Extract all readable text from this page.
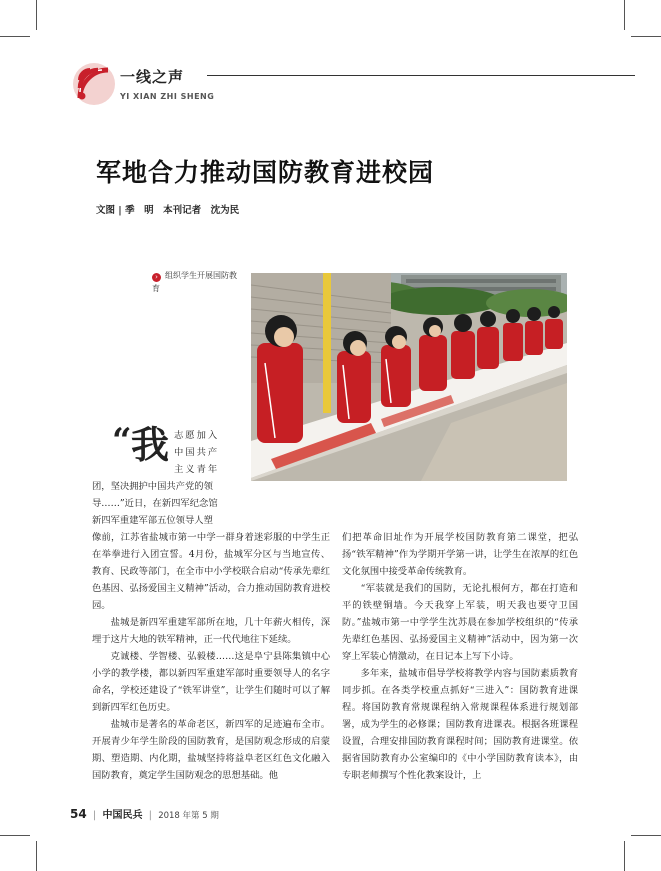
一线之声
YI XIAN ZHI SHENG
军地合力推动国防教育进校园
文图 | 季　明　本刊记者　沈为民
› 组织学生开展国防教育
“ 我 志愿加入
中国共产
主义青年
团，坚决拥护中国共产党的领
导……”近日，在新四军纪念馆
新四军重建军部五位领导人塑

像前，江苏省盐城市第一中学一群身着迷彩服的中学生正在举拳进行入团宣誓。4月份，盐城军分区与当地宣传、教育、民政等部门，在全市中小学校联合启动“传承先辈红色基因、弘扬爱国主义精神”活动，合力推动国防教育进校园。

盐城是新四军重建军部所在地，几十年薪火相传，深埋于这片大地的铁军精神，正一代代地往下延续。

克诚楼、学智楼、弘毅楼……这是阜宁县陈集镇中心小学的教学楼，都以新四军重建军部时重要领导人的名字命名，学校还建设了“铁军讲堂”，让学生们随时可以了解到新四军红色历史。

盐城市是著名的革命老区，新四军的足迹遍布全市。开展青少年学生阶段的国防教育，是国防观念形成的启蒙期、塑造期、内化期，盐城坚持将益阜老区红色文化融入国防教育，奠定学生国防观念的思想基础。他

们把革命旧址作为开展学校国防教育第二课堂，把弘扬“铁军精神”作为学期开学第一讲，让学生在浓厚的红色文化氛围中接受革命传统教育。

“军装就是我们的国防，无论扎根何方，都在打造和平的铁壁铜墙。今天我穿上军装，明天我也要守卫国防。”盐城市第一中学学生沈苏晨在参加学校组织的“传承先辈红色基因、弘扬爱国主义精神”活动中，因为第一次穿上军装心情激动，在日记本上写下小诗。

多年来，盐城市倡导学校将教学内容与国防素质教育同步抓。在各类学校重点抓好“三进入”：国防教育进课程。将国防教育常规课程纳入常规课程体系进行规划部署，成为学生的必修课；国防教育进课表。根据各班课程设置，合理安排国防教育课程时间；国防教育进课堂。依据省国防教育办公室编印的《中小学国防教育读本》，由专职老师撰写个性化教案设计，上

54 | 中国民兵 | 2018 年第 5 期
